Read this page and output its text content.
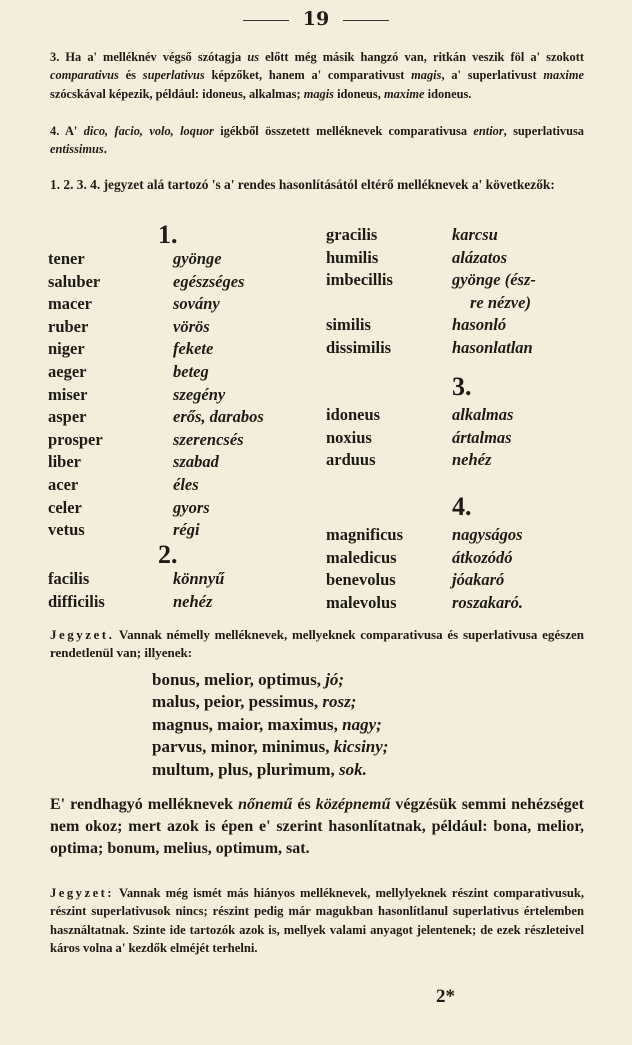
19

3. Ha a' melléknév végső szótagja us előtt még másik hangzó van, ritkán veszik föl a' szokott comparativus és superlativus képzőket, hanem a' comparativust magis, a' superlativust maxime szócskával képezik, például: idoneus, alkalmas; magis idoneus, maxime idoneus.

4. A' dico, facio, volo, loquor igékből összetett melléknevek comparativusa entior, superlativusa entissimus.

1. 2. 3. 4. jegyzet alá tartozó 's a' rendes hasonlításától eltérő melléknevek a' következők:

1.
tener
saluber
macer
ruber
niger
aeger
miser
asper
prosper
liber
acer
celer
vetus
gyönge
egészséges
sovány
vörös
fekete
beteg
szegény
erős, darabos
szerencsés
szabad
éles
gyors
régi
2.
facilis
difficilis
könnyű
nehéz
gracilis
humilis
imbecillis
similis
dissimilis
karcsu
alázatos
gyönge (ész-
re nézve)
hasonló
hasonlatlan
3.
idoneus
noxius
arduus
alkalmas
ártalmas
nehéz
4.
magnificus
maledicus
benevolus
malevolus
nagyságos
átkozódó
jóakaró
roszakaró.

Jegyzet. Vannak némelly melléknevek, mellyeknek comparativusa és superlativusa egészen rendetlenül van; illyenek:

bonus, melior, optimus, jó;
malus, peior, pessimus, rosz;
magnus, maior, maximus, nagy;
parvus, minor, minimus, kicsiny;
multum, plus, plurimum, sok.

E' rendhagyó melléknevek nőnemű és középnemű végzésük semmi nehézséget nem okoz; mert azok is épen e' szerint hasonlítatnak, például: bona, melior, optima; bonum, melius, optimum, sat.

Jegyzet: Vannak még ismét más hiányos melléknevek, mellylyeknek részint comparativusuk, részint superlativusok nincs; részint pedig már magukban hasonlítlanul superlativus értelemben használtatnak. Szinte ide tartozók azok is, mellyek valami anyagot jelentenek; de ezek részleteivel káros volna a' kezdők elméjét terhelni.

2*
